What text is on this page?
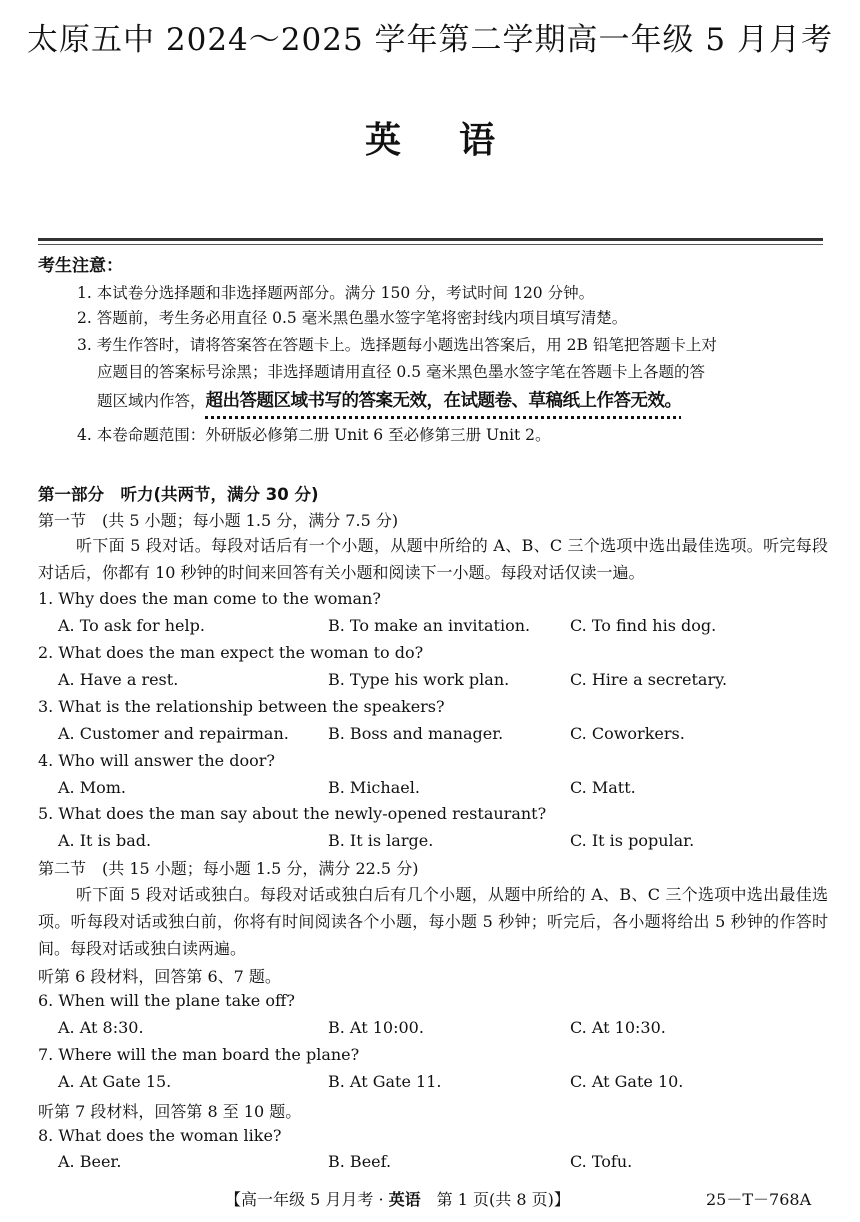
太原五中 2024～2025 学年第二学期高一年级 5 月月考
英 语
考生注意：
1. 本试卷分选择题和非选择题两部分。满分 150 分，考试时间 120 分钟。
2. 答题前，考生务必用直径 0.5 毫米黑色墨水签字笔将密封线内项目填写清楚。
3. 考生作答时，请将答案答在答题卡上。选择题每小题选出答案后，用 2B 铅笔把答题卡上对
应题目的答案标号涂黑；非选择题请用直径 0.5 毫米黑色墨水签字笔在答题卡上各题的答
题区域内作答，超出答题区域书写的答案无效，在试题卷、草稿纸上作答无效。
4. 本卷命题范围：外研版必修第二册 Unit 6 至必修第三册 Unit 2。
第一部分　听力(共两节，满分 30 分)
第一节　(共 5 小题；每小题 1.5 分，满分 7.5 分)
听下面 5 段对话。每段对话后有一个小题，从题中所给的 A、B、C 三个选项中选出最佳选项。听完每段对话后，你都有 10 秒钟的时间来回答有关小题和阅读下一小题。每段对话仅读一遍。
1. Why does the man come to the woman?
A. To ask for help.	B. To make an invitation. C. To find his dog.
2. What does the man expect the woman to do?
A. Have a rest.	B. Type his work plan.	C. Hire a secretary.
3. What is the relationship between the speakers?
A. Customer and repairman. B. Boss and manager.	C. Coworkers.
4. Who will answer the door?
A. Mom.	B. Michael.	C. Matt.
5. What does the man say about the newly-opened restaurant?
A. It is bad.	B. It is large.	C. It is popular.
第二节　(共 15 小题；每小题 1.5 分，满分 22.5 分)
听下面 5 段对话或独白。每段对话或独白后有几个小题，从题中所给的 A、B、C 三个选项中选出最佳选项。听每段对话或独白前，你将有时间阅读各个小题，每小题 5 秒钟；听完后，各小题将给出 5 秒钟的作答时间。每段对话或独白读两遍。
听第 6 段材料，回答第 6、7 题。
6. When will the plane take off?
A. At 8:30.	B. At 10:00.	C. At 10:30.
7. Where will the man board the plane?
A. At Gate 15.	B. At Gate 11.	C. At Gate 10.
听第 7 段材料，回答第 8 至 10 题。
8. What does the woman like?
A. Beer.	B. Beef.	C. Tofu.
【高一年级 5 月月考 · 英语　第 1 页(共 8 页)】	25－T－768A
